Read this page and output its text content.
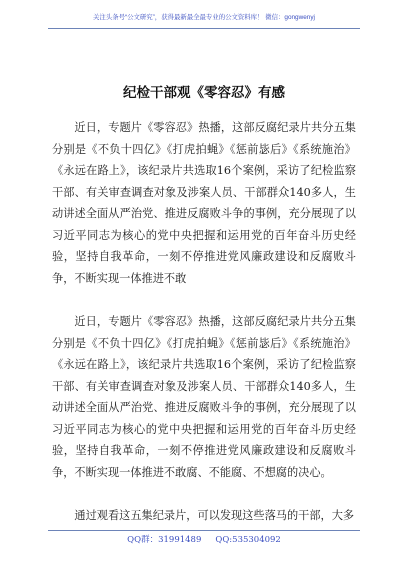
关注头条号“公文研究”，获得最新最全最专业的公文资料库！ 微信：gongwenyj
纪检干部观《零容忍》有感

近日，专题片《零容忍》热播，这部反腐纪录片共分五集分别是《不负十四亿》《打虎拍蝇》《惩前毖后》《系统施治》《永远在路上》，该纪录片共选取16个案例，采访了纪检监察干部、有关审查调查对象及涉案人员、干部群众140多人，生动讲述全面从严治党、推进反腐败斗争的事例，充分展现了以习近平同志为核心的党中央把握和运用党的百年奋斗历史经验，坚持自我革命，一刻不停推进党风廉政建设和反腐败斗争，不断实现一体推进不敢

近日，专题片《零容忍》热播，这部反腐纪录片共分五集分别是《不负十四亿》《打虎拍蝇》《惩前毖后》《系统施治》《永远在路上》，该纪录片共选取16个案例，采访了纪检监察干部、有关审查调查对象及涉案人员、干部群众140多人，生动讲述全面从严治党、推进反腐败斗争的事例，充分展现了以习近平同志为核心的党中央把握和运用党的百年奋斗历史经验，坚持自我革命，一刻不停推进党风廉政建设和反腐败斗争，不断实现一体推进不敢腐、不能腐、不想腐的决心。

通过观看这五集纪录片，可以发现这些落马的干部，大多

QQ群：31991489 QQ:535304092
